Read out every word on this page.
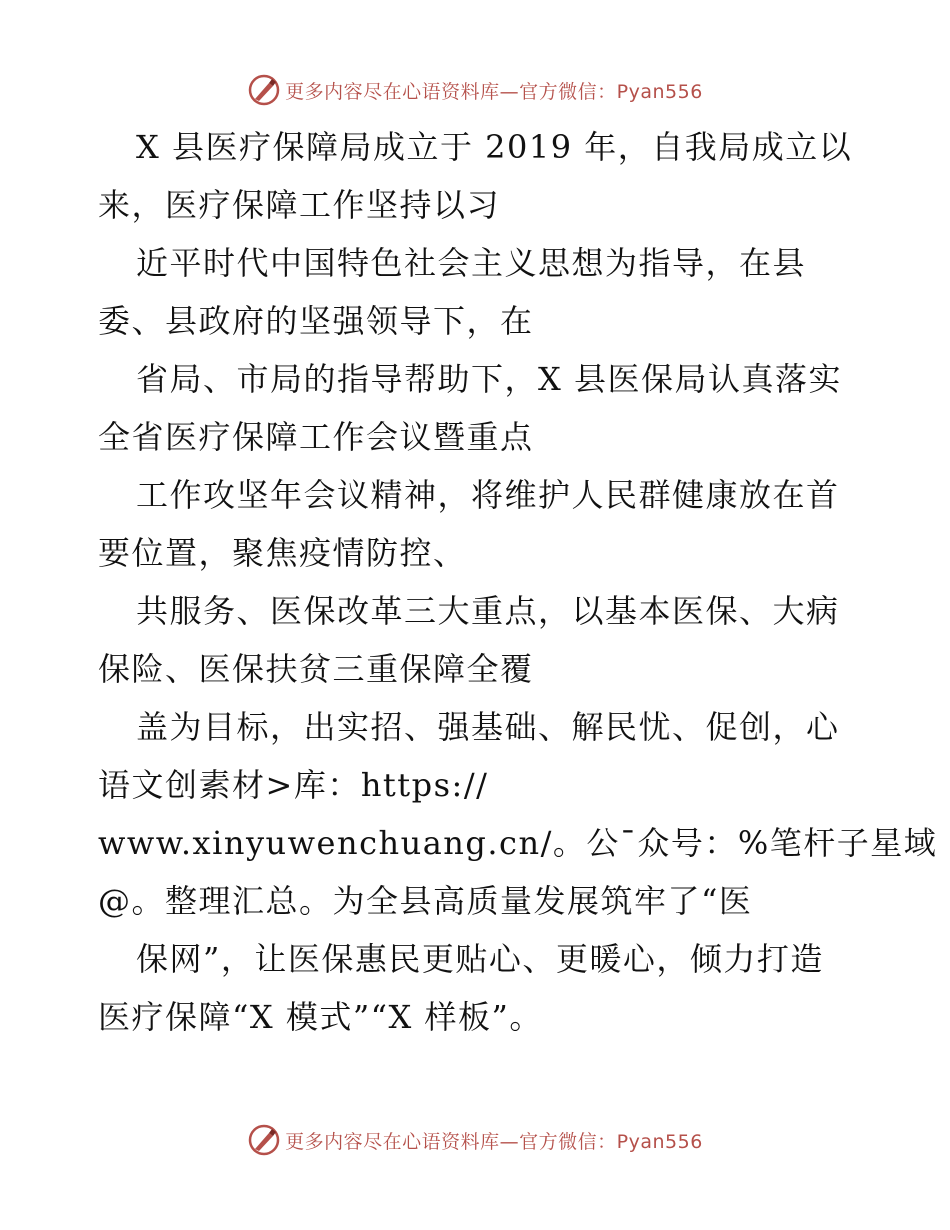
更多内容尽在心语资料库—官方微信：Pyan556
X 县医疗保障局成立于 2019 年，自我局成立以
来，医疗保障工作坚持以习
近平时代中国特色社会主义思想为指导，在县
委、县政府的坚强领导下，在
省局、市局的指导帮助下，X 县医保局认真落实
全省医疗保障工作会议暨重点
工作攻坚年会议精神，将维护人民群健康放在首
要位置，聚焦疫情防控、
共服务、医保改革三大重点，以基本医保、大病
保险、医保扶贫三重保障全覆
盖为目标，出实招、强基础、解民忧、促创，心
语文创素材>库：https://
www.xinyuwenchuang.cn/。公¯众号：%笔杆子星域
@。整理汇总。为全县高质量发展筑牢了“医
保网”，让医保惠民更贴心、更暖心，倾力打造
医疗保障“X 模式”“X 样板”。
更多内容尽在心语资料库—官方微信：Pyan556
